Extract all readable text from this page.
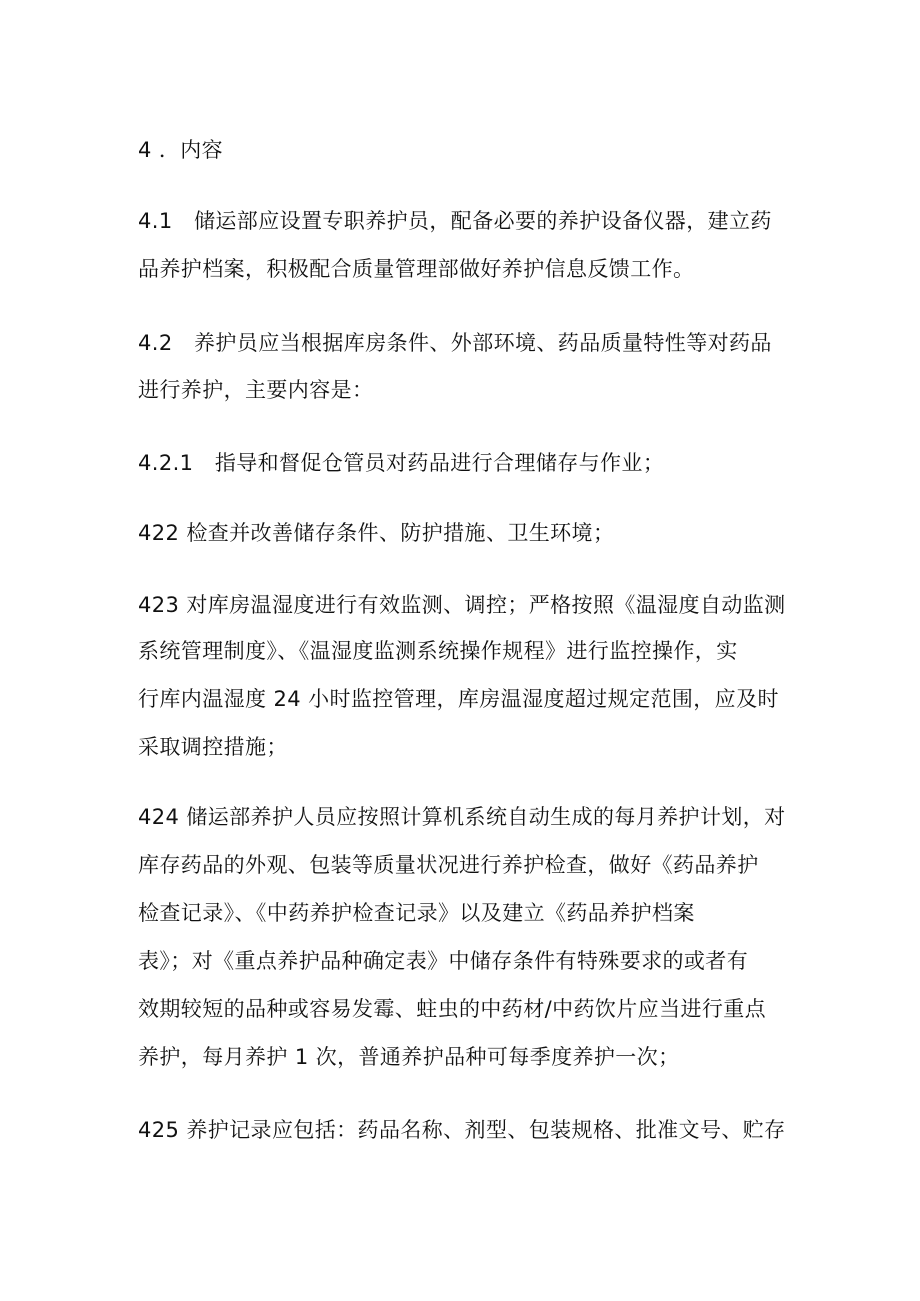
4 ．内容
4.1　储运部应设置专职养护员，配备必要的养护设备仪器，建立药
品养护档案，积极配合质量管理部做好养护信息反馈工作。
4.2　养护员应当根据库房条件、外部环境、药品质量特性等对药品
进行养护，主要内容是：
4.2.1　指导和督促仓管员对药品进行合理储存与作业；
422 检查并改善储存条件、防护措施、卫生环境；
423 对库房温湿度进行有效监测、调控；严格按照《温湿度自动监测
系统管理制度》、《温湿度监测系统操作规程》进行监控操作，实
行库内温湿度 24 小时监控管理，库房温湿度超过规定范围，应及时
采取调控措施；
424 储运部养护人员应按照计算机系统自动生成的每月养护计划，对
库存药品的外观、包装等质量状况进行养护检查，做好《药品养护
检查记录》、《中药养护检查记录》以及建立《药品养护档案
表》；对《重点养护品种确定表》中储存条件有特殊要求的或者有
效期较短的品种或容易发霉、蛀虫的中药材/中药饮片应当进行重点
养护，每月养护 1 次，普通养护品种可每季度养护一次；
425 养护记录应包括：药品名称、剂型、包装规格、批准文号、贮存
